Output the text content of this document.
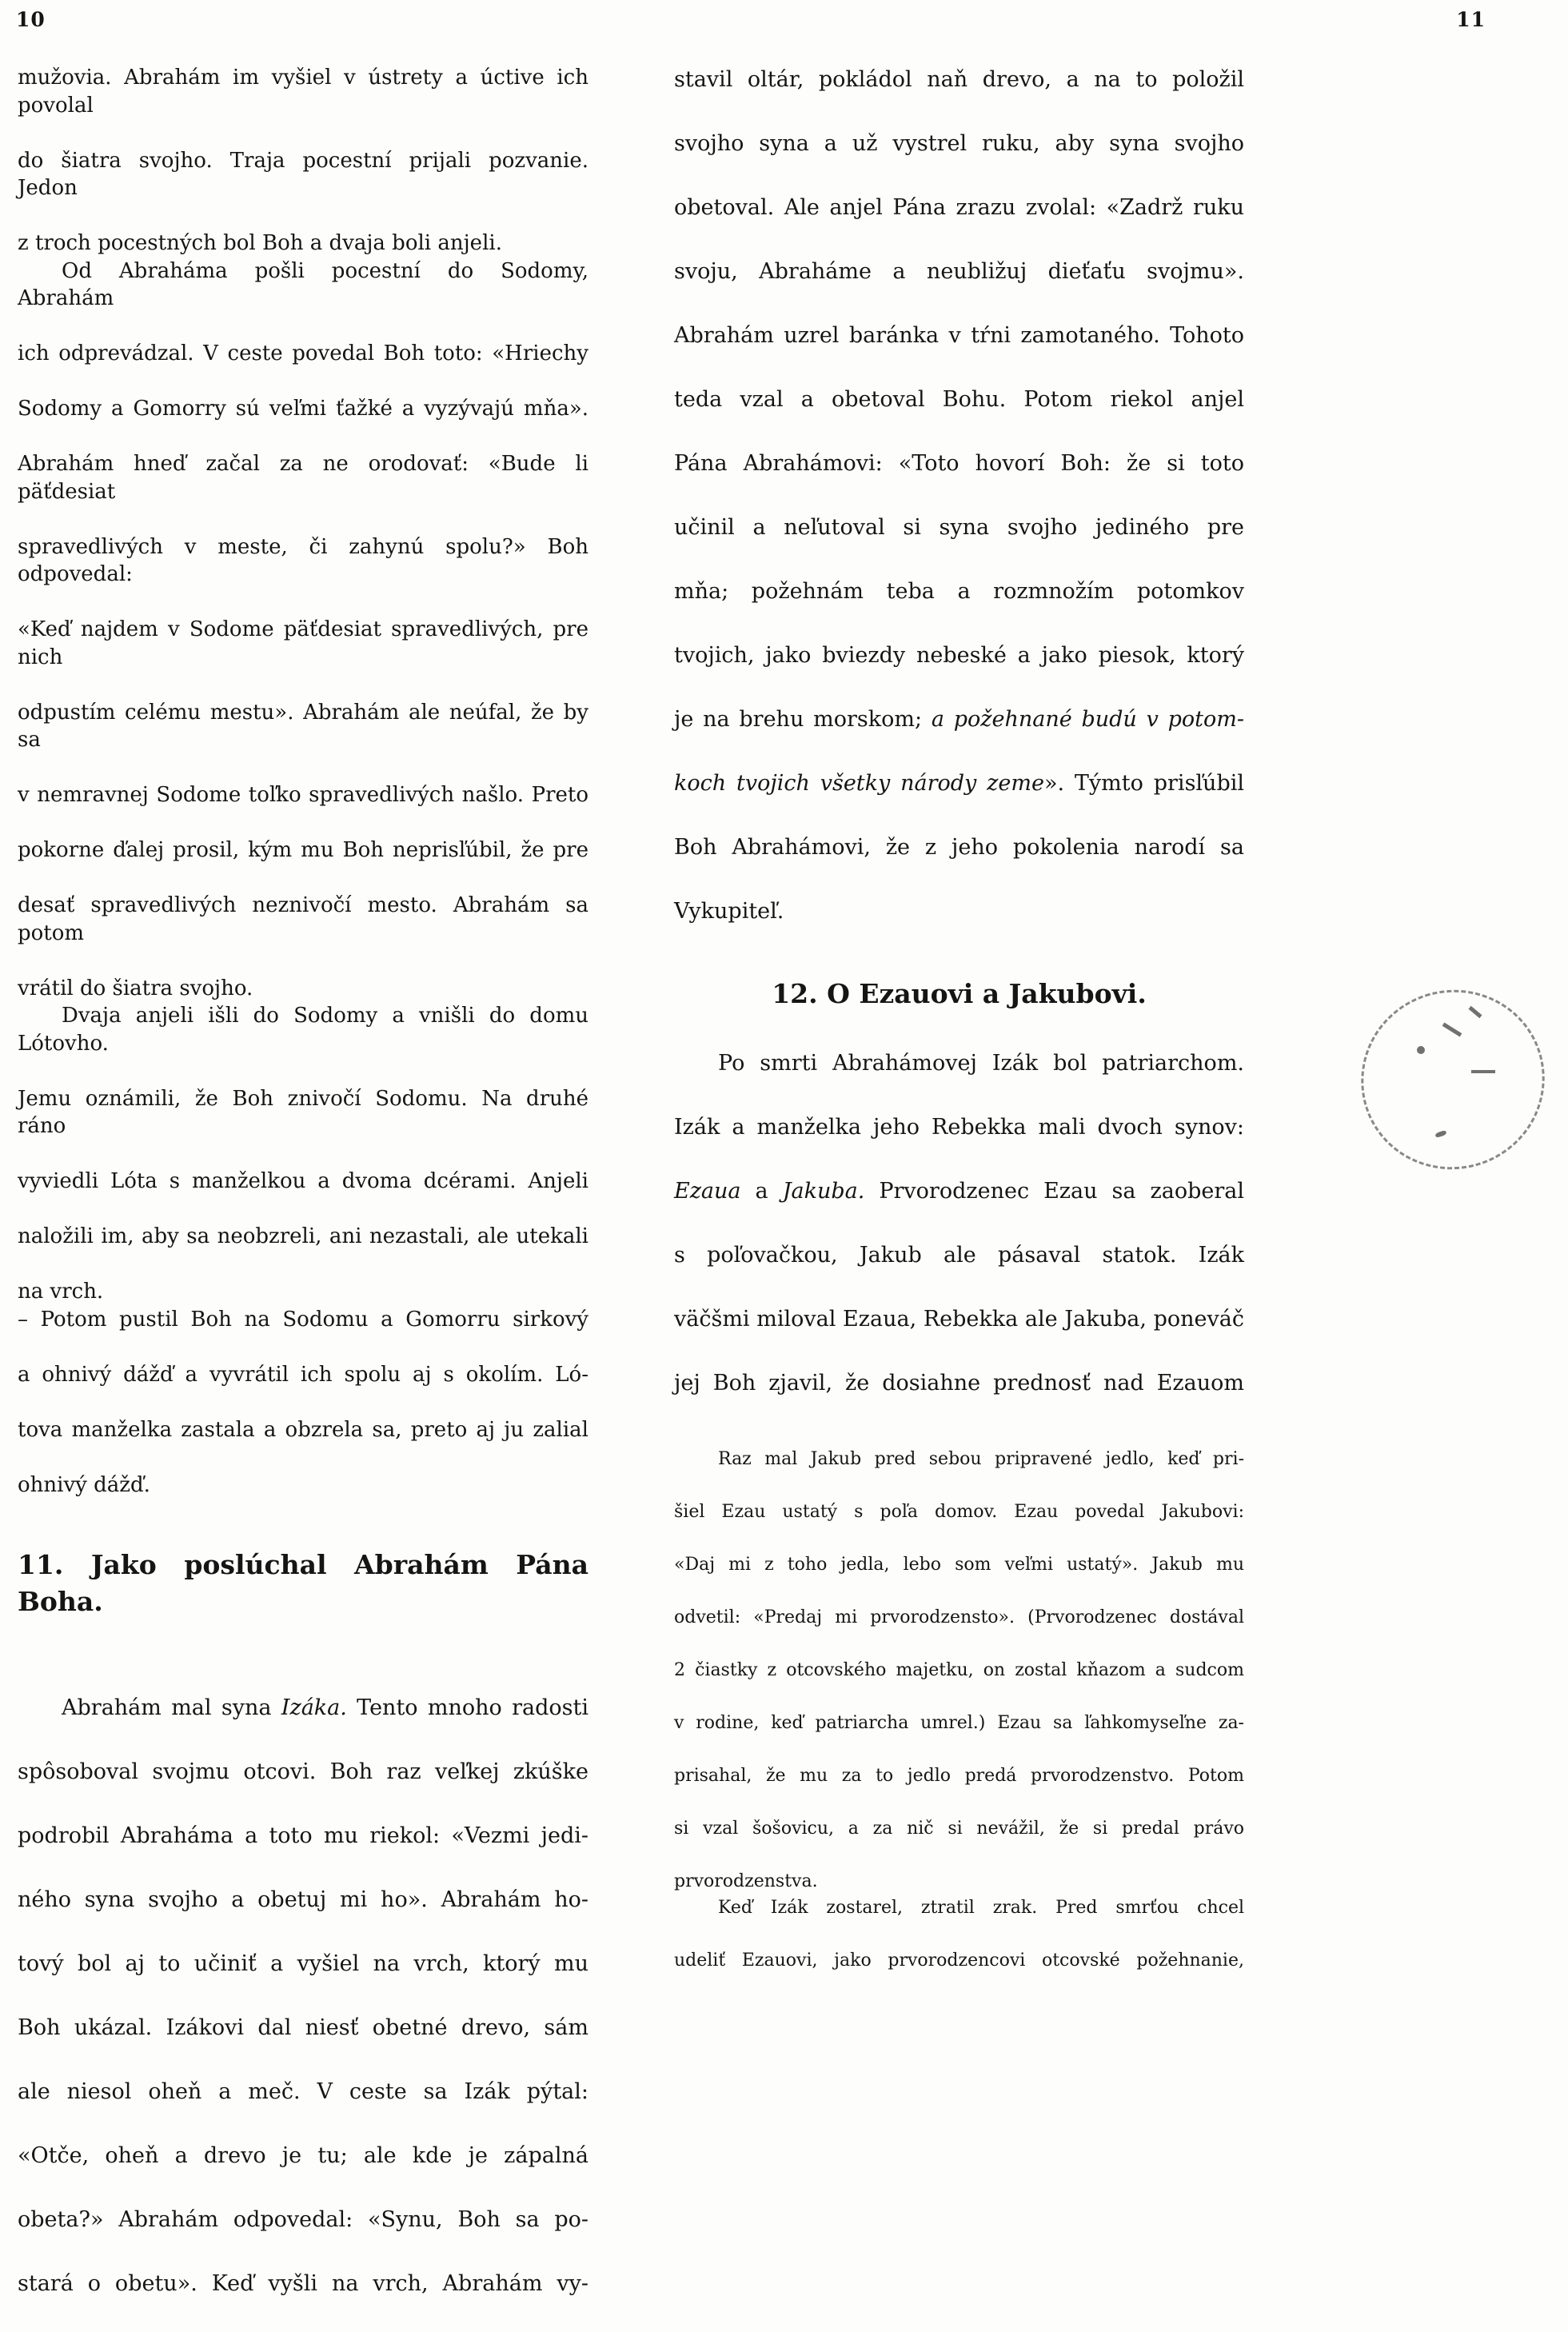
10	11
mužovia. Abrahám im vyšiel v ústrety a úctive ich povolal
do šiatra svojho. Traja pocestní prijali pozvanie. Jedon
z troch pocestných bol Boh a dvaja boli anjeli.
Od Abraháma pošli pocestní do Sodomy, Abrahám
ich odprevádzal. V ceste povedal Boh toto: «Hriechy
Sodomy a Gomorry sú veľmi ťažké a vyzývajú mňa».
Abrahám hneď začal za ne orodovať: «Bude li päťdesiat
spravedlivých v meste, či zahynú spolu?» Boh odpovedal:
«Keď najdem v Sodome päťdesiat spravedlivých, pre nich
odpustím celému mestu». Abrahám ale neúfal, že by sa
v nemravnej Sodome toľko spravedlivých našlo. Preto
pokorne ďalej prosil, kým mu Boh neprisľúbil, že pre
desať spravedlivých neznivočí mesto. Abrahám sa potom
vrátil do šiatra svojho.
Dvaja anjeli išli do Sodomy a vnišli do domu Lótovho.
Jemu oznámili, že Boh znivočí Sodomu. Na druhé ráno
vyviedli Lóta s manželkou a dvoma dcérami. Anjeli
naložili im, aby sa neobzreli, ani nezastali, ale utekali
na vrch.
– Potom pustil Boh na Sodomu a Gomorru sirkový
a ohnivý dážď a vyvrátil ich spolu aj s okolím. Ló-
tova manželka zastala a obzrela sa, preto aj ju zalial
ohnivý dážď.
11. Jako poslúchal Abrahám Pána Boha.
Abrahám mal syna Izáka. Tento mnoho radosti
spôsoboval svojmu otcovi. Boh raz veľkej zkúške
podrobil Abraháma a toto mu riekol: «Vezmi jedi-
ného syna svojho a obetuj mi ho». Abrahám ho-
tový bol aj to učiniť a vyšiel na vrch, ktorý mu
Boh ukázal. Izákovi dal niesť obetné drevo, sám
ale niesol oheň a meč. V ceste sa Izák pýtal:
«Otče, oheň a drevo je tu; ale kde je zápalná
obeta?» Abrahám odpovedal: «Synu, Boh sa po-
stará o obetu». Keď vyšli na vrch, Abrahám vy-
stavil oltár, pokládol naň drevo, a na to položil
svojho syna a už vystrel ruku, aby syna svojho
obetoval. Ale anjel Pána zrazu zvolal: «Zadrž ruku
svoju, Abraháme a neubližuj dieťaťu svojmu».
Abrahám uzrel baránka v tŕni zamotaného. Tohoto
teda vzal a obetoval Bohu. Potom riekol anjel
Pána Abrahámovi: «Toto hovorí Boh: že si toto
učinil a neľutoval si syna svojho jediného pre
mňa; požehnám teba a rozmnožím potomkov
tvojich, jako bviezdy nebeské a jako piesok, ktorý
je na brehu morskom; a požehnané budú v potom-
koch tvojich všetky národy zeme». Týmto prisľúbil
Boh Abrahámovi, že z jeho pokolenia narodí sa
Vykupiteľ.
12. O Ezauovi a Jakubovi.
Po smrti Abrahámovej Izák bol patriarchom.
Izák a manželka jeho Rebekka mali dvoch synov:
Ezaua a Jakuba. Prvorodzenec Ezau sa zaoberal
s poľovačkou, Jakub ale pásaval statok. Izák
väčšmi miloval Ezaua, Rebekka ale Jakuba, poneváč
jej Boh zjavil, že dosiahne prednosť nad Ezauom
Raz mal Jakub pred sebou pripravené jedlo, keď pri-
šiel Ezau ustatý s poľa domov. Ezau povedal Jakubovi:
«Daj mi z toho jedla, lebo som veľmi ustatý». Jakub mu
odvetil: «Predaj mi prvorodzensto». (Prvorodzenec dostával
2 čiastky z otcovského majetku, on zostal kňazom a sudcom
v rodine, keď patriarcha umrel.) Ezau sa ľahkomyseľne za-
prisahal, že mu za to jedlo predá prvorodzenstvo. Potom
si vzal šošovicu, a za nič si nevážil, že si predal právo
prvorodzenstva.
Keď Izák zostarel, ztratil zrak. Pred smrťou chcel
udeliť Ezauovi, jako prvorodzencovi otcovské požehnanie,
